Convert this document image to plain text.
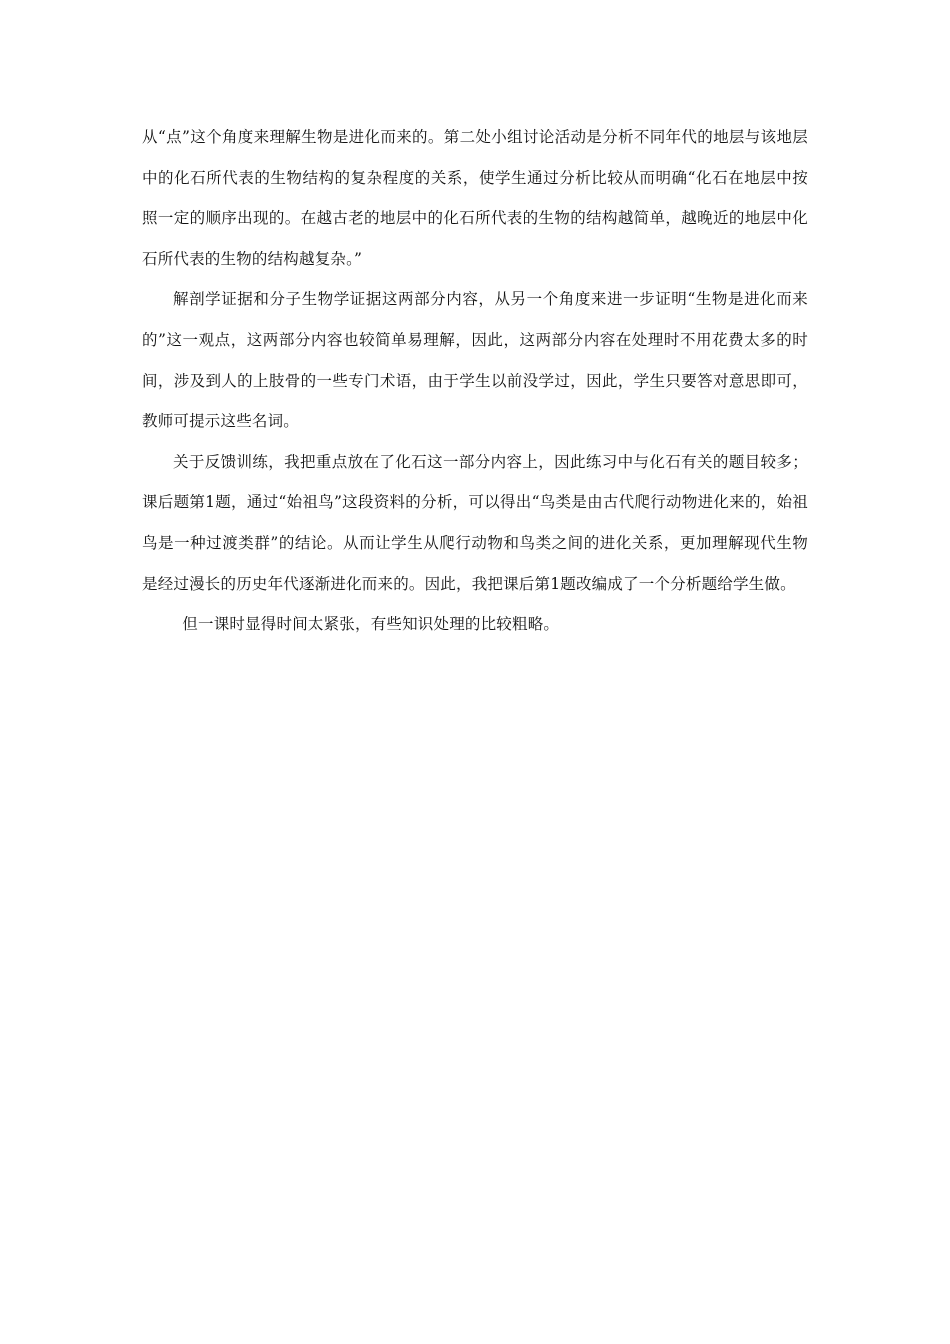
从“点”这个角度来理解生物是进化而来的。第二处小组讨论活动是分析不同年代的地层与该地层中的化石所代表的生物结构的复杂程度的关系，使学生通过分析比较从而明确“化石在地层中按照一定的顺序出现的。在越古老的地层中的化石所代表的生物的结构越简单，越晚近的地层中化石所代表的生物的结构越复杂。”

解剖学证据和分子生物学证据这两部分内容，从另一个角度来进一步证明“生物是进化而来的”这一观点，这两部分内容也较简单易理解，因此，这两部分内容在处理时不用花费太多的时间，涉及到人的上肢骨的一些专门术语，由于学生以前没学过，因此，学生只要答对意思即可，教师可提示这些名词。

关于反馈训练，我把重点放在了化石这一部分内容上，因此练习中与化石有关的题目较多；课后题第1题，通过“始祖鸟”这段资料的分析，可以得出“鸟类是由古代爬行动物进化来的，始祖鸟是一种过渡类群”的结论。从而让学生从爬行动物和鸟类之间的进化关系，更加理解现代生物是经过漫长的历史年代逐渐进化而来的。因此，我把课后第1题改编成了一个分析题给学生做。

但一课时显得时间太紧张，有些知识处理的比较粗略。
